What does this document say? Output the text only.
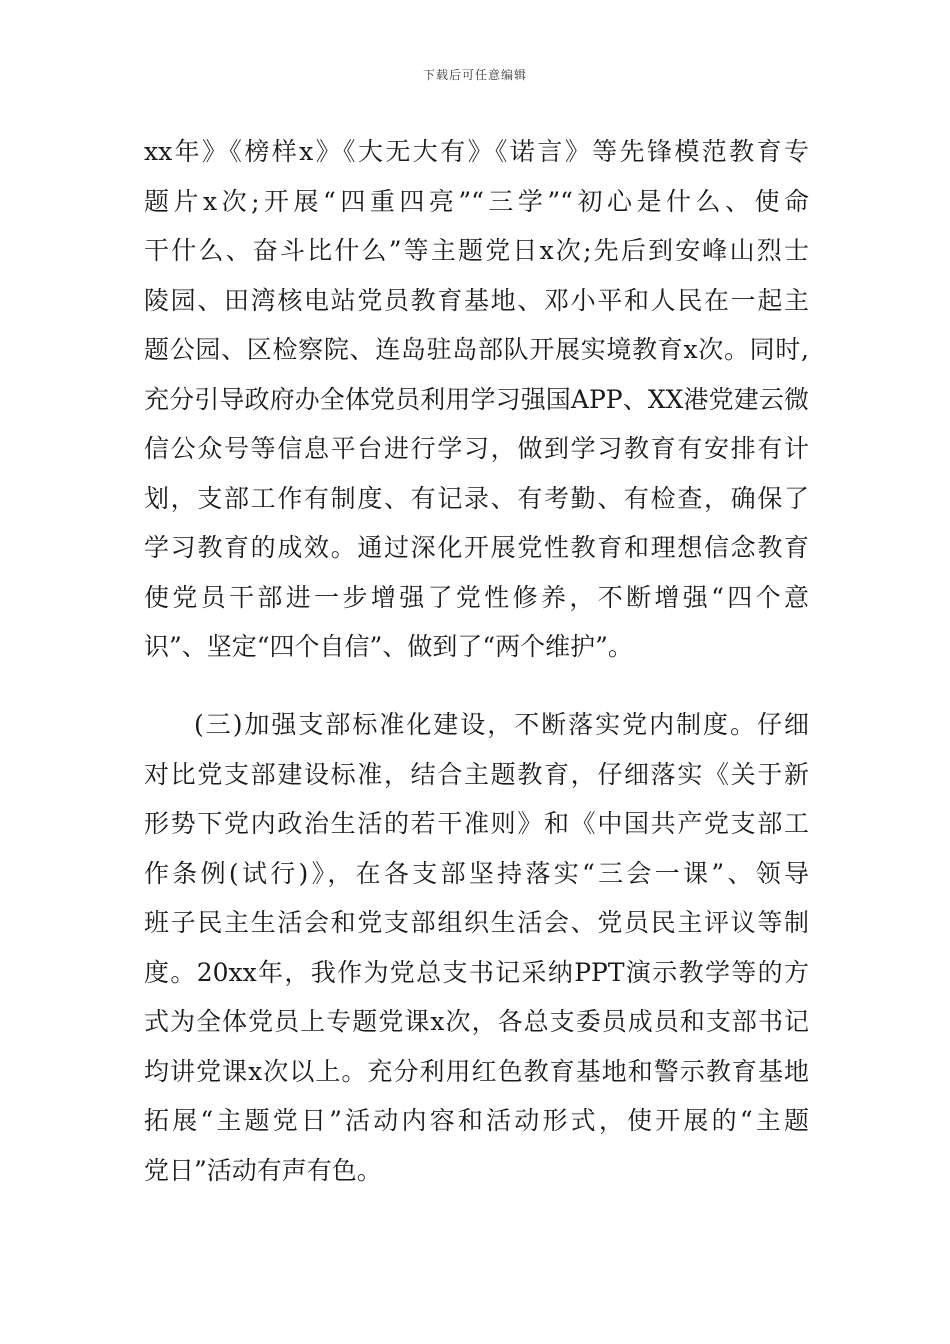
下载后可任意编辑
xx年》《榜样x》《大无大有》《诺言》等先锋模范教育专
题片x次;开展“四重四亮”“三学”“初心是什么、使命
干什么、奋斗比什么”等主题党日x次;先后到安峰山烈士
陵园、田湾核电站党员教育基地、邓小平和人民在一起主
题公园、区检察院、连岛驻岛部队开展实境教育x次。同时,
充分引导政府办全体党员利用学习强国APP、XX港党建云微
信公众号等信息平台进行学习，做到学习教育有安排有计
划，支部工作有制度、有记录、有考勤、有检查，确保了
学习教育的成效。通过深化开展党性教育和理想信念教育
使党员干部进一步增强了党性修养，不断增强“四个意
识”、坚定“四个自信”、做到了“两个维护”。
(三)加强支部标准化建设，不断落实党内制度。仔细
对比党支部建设标准，结合主题教育，仔细落实《关于新
形势下党内政治生活的若干准则》和《中国共产党支部工
作条例(试行)》，在各支部坚持落实“三会一课”、领导
班子民主生活会和党支部组织生活会、党员民主评议等制
度。20xx年，我作为党总支书记采纳PPT演示教学等的方
式为全体党员上专题党课x次，各总支委员成员和支部书记
均讲党课x次以上。充分利用红色教育基地和警示教育基地
拓展“主题党日”活动内容和活动形式，使开展的“主题
党日”活动有声有色。
